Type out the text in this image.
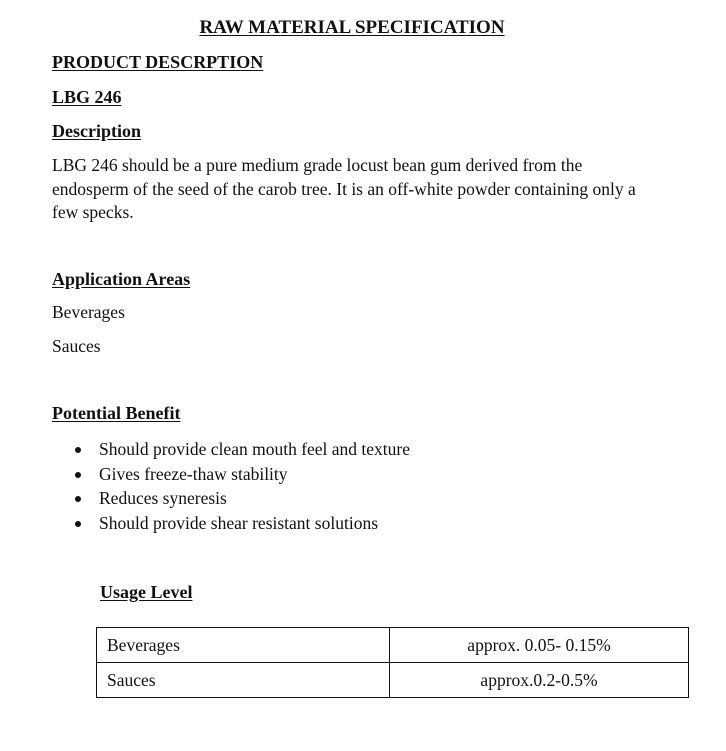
RAW MATERIAL SPECIFICATION
PRODUCT DESCRPTION
LBG 246
Description
LBG 246 should be a pure medium grade locust bean gum derived from the endosperm of the seed of the carob tree. It is an off-white powder containing only a few specks.
Application Areas
Beverages
Sauces
Potential Benefit
Should provide clean mouth feel and texture
Gives freeze-thaw stability
Reduces syneresis
Should provide shear resistant solutions
Usage Level
Beverages	approx. 0.05- 0.15%
Sauces	approx.0.2-0.5%
